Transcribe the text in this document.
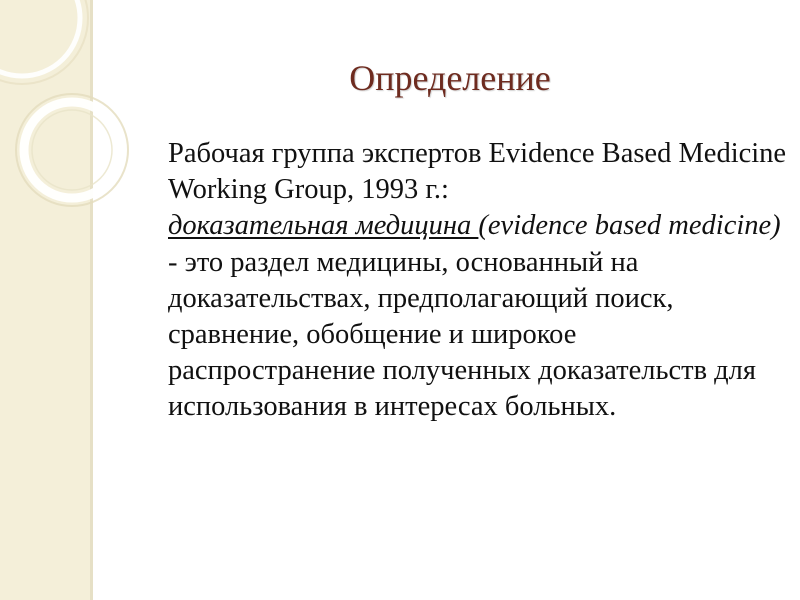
Определение

Рабочая группа экспертов Evidence Based Medicine Working Group, 1993 г.:
доказательная медицина (evidence based medicine) - это раздел медицины, основанный на доказательствах, предполагающий поиск, сравнение, обобщение и широкое распространение полученных доказательств для использования в интересах больных.
